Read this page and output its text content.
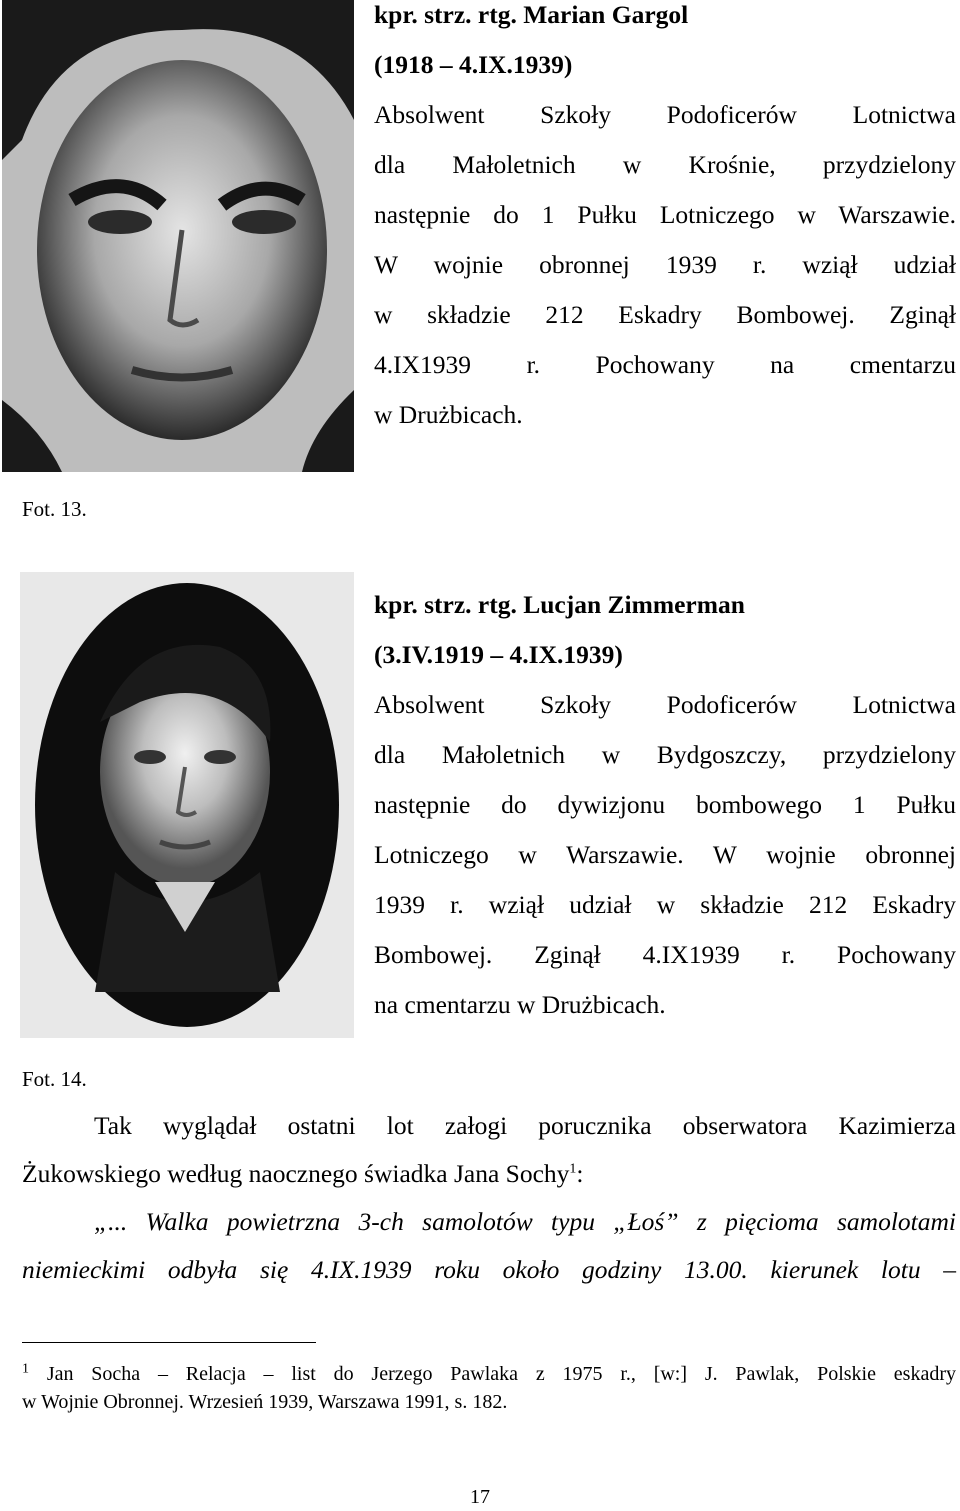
kpr. strz. rtg. Marian Gargol
(1918 – 4.IX.1939)
Absolwent Szkoły Podoficerów Lotnictwa
dla Małoletnich w Krośnie, przydzielony
następnie do 1 Pułku Lotniczego w Warszawie.
W wojnie obronnej 1939 r. wziął udział
w składzie 212 Eskadry Bombowej. Zginął
4.IX1939 r. Pochowany na cmentarzu
w Drużbicach.
Fot. 13.
kpr. strz. rtg. Lucjan Zimmerman
(3.IV.1919 – 4.IX.1939)
Absolwent Szkoły Podoficerów Lotnictwa
dla Małoletnich w Bydgoszczy, przydzielony
następnie do dywizjonu bombowego 1 Pułku
Lotniczego w Warszawie. W wojnie obronnej
1939 r. wziął udział w składzie 212 Eskadry
Bombowej. Zginął 4.IX1939 r. Pochowany
na cmentarzu w Drużbicach.
Fot. 14.
Tak wyglądał ostatni lot załogi porucznika obserwatora Kazimierza
Żukowskiego według naocznego świadka Jana Sochy$^1$:
„... Walka powietrzna 3-ch samolotów typu „Łoś” z pięcioma samolotami
niemieckimi odbyła się 4.IX.1939 roku około godziny 13.00. kierunek lotu –
$^1$ Jan Socha – Relacja – list do Jerzego Pawlaka z 1975 r., [w:] J. Pawlak, Polskie eskadry
w Wojnie Obronnej. Wrzesień 1939, Warszawa 1991, s. 182.
17
